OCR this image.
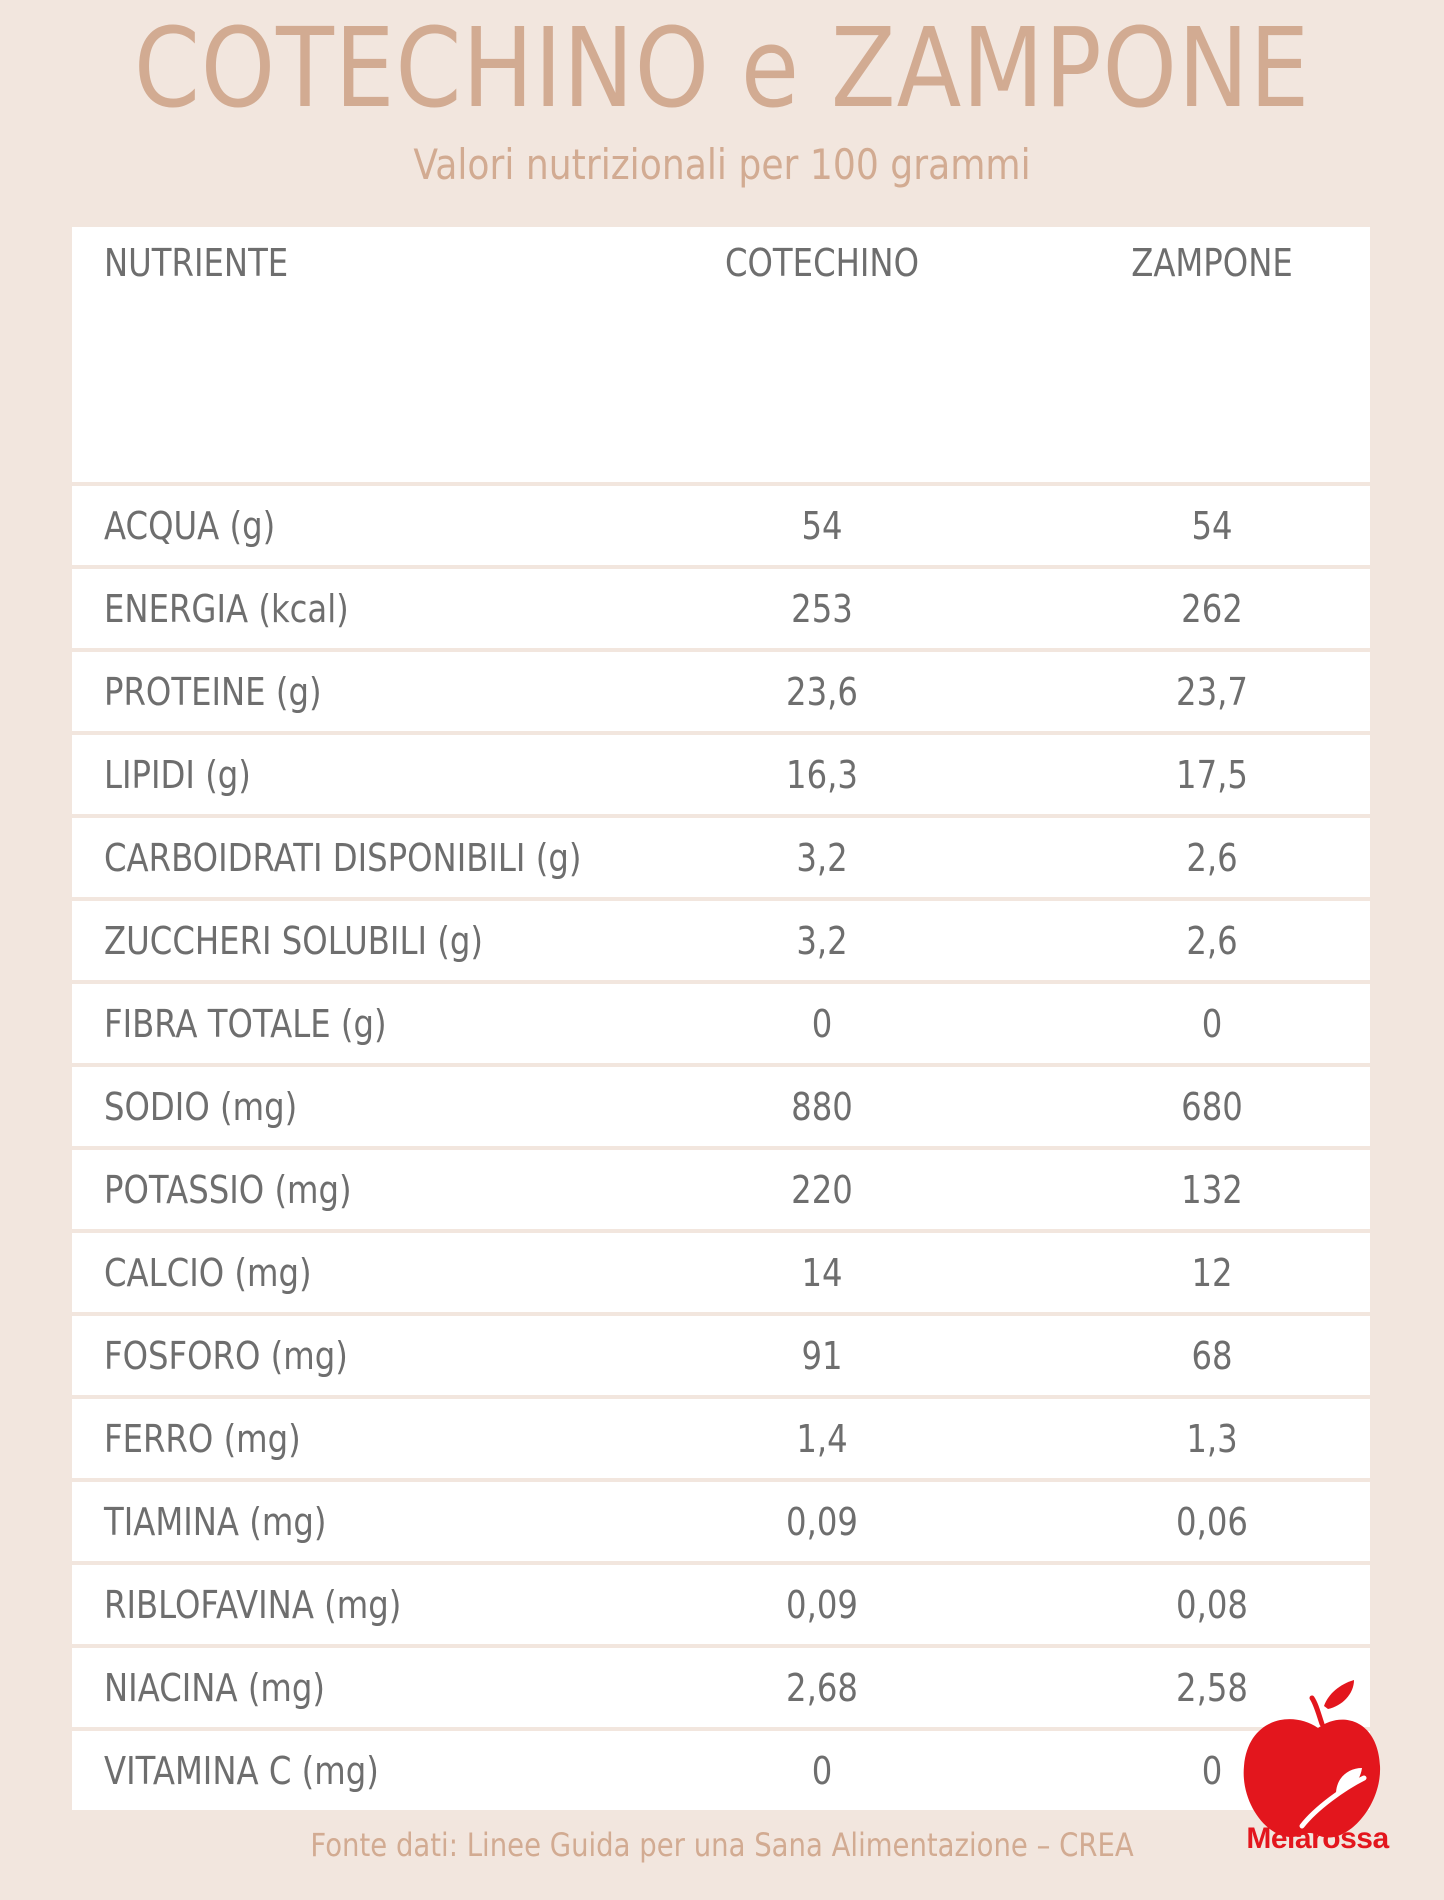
COTECHINO e ZAMPONE
Valori nutrizionali per 100 grammi
NUTRIENTE	COTECHINO	ZAMPONE
ACQUA (g)	54	54
ENERGIA (kcal)	253	262
PROTEINE (g)	23,6	23,7
LIPIDI (g)	16,3	17,5
CARBOIDRATI DISPONIBILI (g)	3,2	2,6
ZUCCHERI SOLUBILI (g)	3,2	2,6
FIBRA TOTALE (g)	0	0
SODIO (mg)	880	680
POTASSIO (mg)	220	132
CALCIO (mg)	14	12
FOSFORO (mg)	91	68
FERRO (mg)	1,4	1,3
TIAMINA (mg)	0,09	0,06
RIBLOFAVINA (mg)	0,09	0,08
NIACINA (mg)	2,68	2,58
VITAMINA C (mg)	0	0
Fonte dati: Linee Guida per una Sana Alimentazione – CREA	Melarossa
